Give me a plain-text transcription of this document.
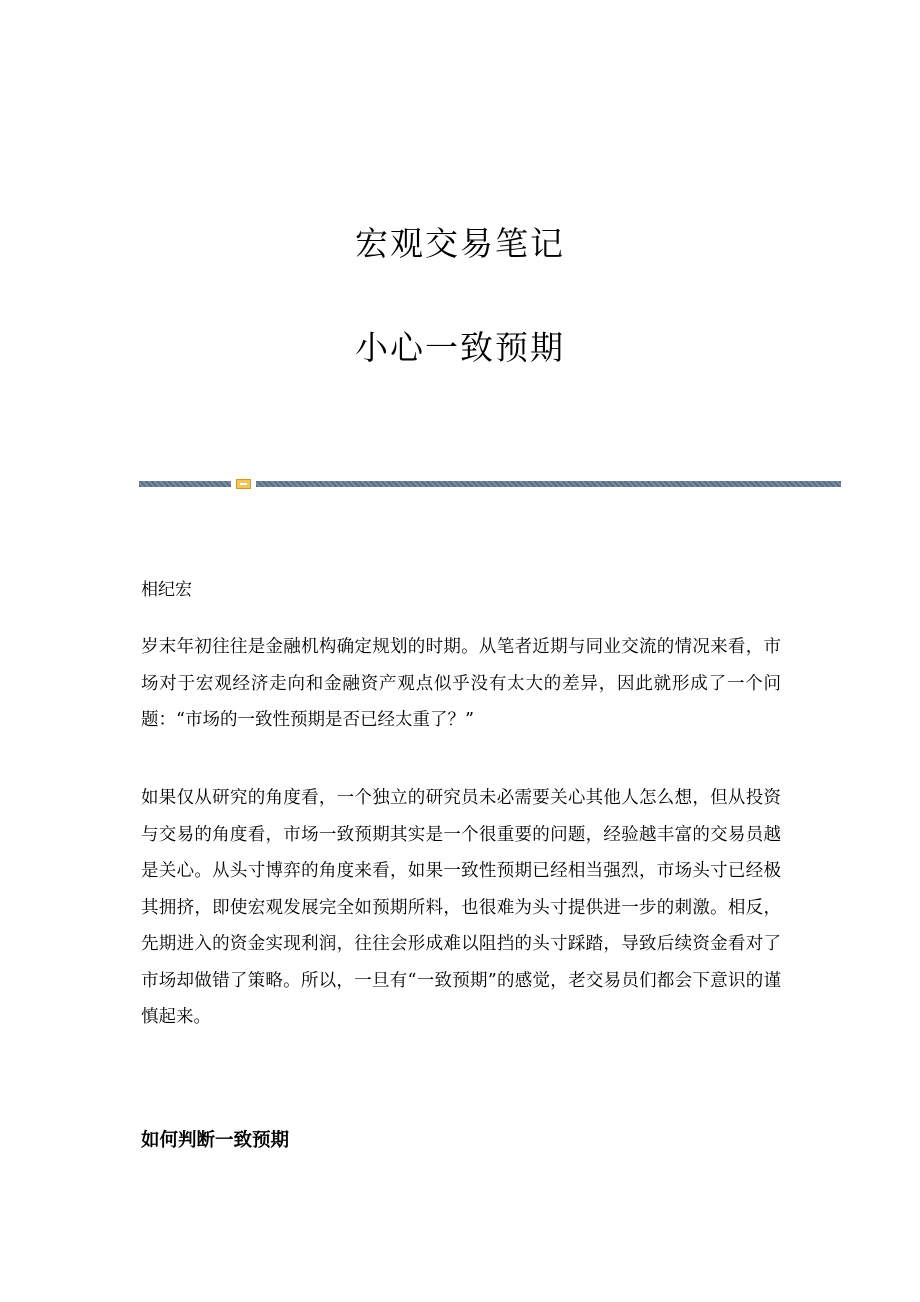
宏观交易笔记
小心一致预期

相纪宏

岁末年初往往是金融机构确定规划的时期。从笔者近期与同业交流的情况来看，市场对于宏观经济走向和金融资产观点似乎没有太大的差异，因此就形成了一个问题：“市场的一致性预期是否已经太重了？”

如果仅从研究的角度看，一个独立的研究员未必需要关心其他人怎么想，但从投资与交易的角度看，市场一致预期其实是一个很重要的问题，经验越丰富的交易员越是关心。从头寸博弈的角度来看，如果一致性预期已经相当强烈，市场头寸已经极其拥挤，即使宏观发展完全如预期所料，也很难为头寸提供进一步的刺激。相反，先期进入的资金实现利润，往往会形成难以阻挡的头寸踩踏，导致后续资金看对了市场却做错了策略。所以，一旦有“一致预期”的感觉，老交易员们都会下意识的谨慎起来。

如何判断一致预期
